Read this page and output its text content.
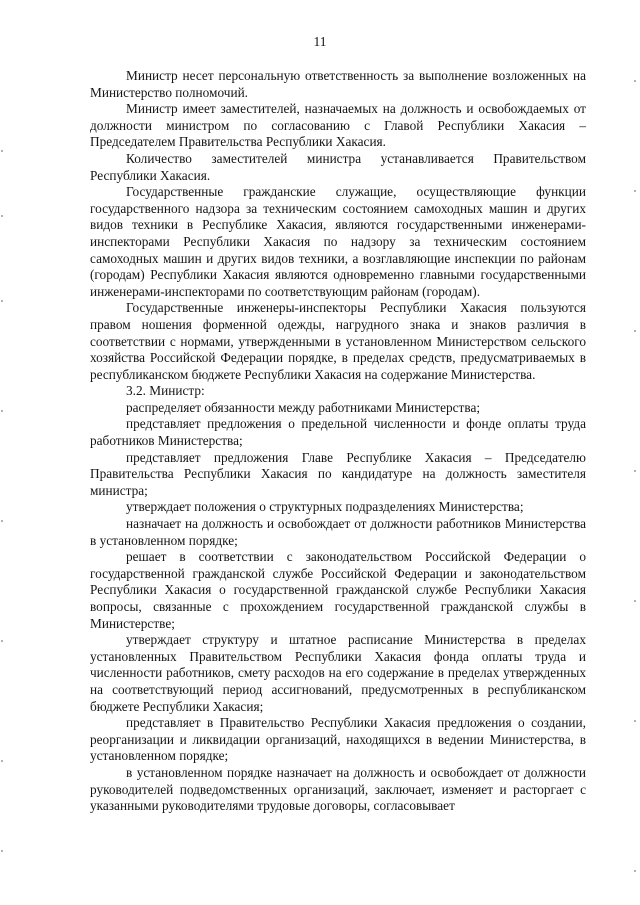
11

Министр несет персональную ответственность за выполнение возложенных на Министерство полномочий.

Министр имеет заместителей, назначаемых на должность и освобождаемых от должности министром по согласованию с Главой Республики Хакасия – Председателем Правительства Республики Хакасия.

Количество заместителей министра устанавливается Правительством Республики Хакасия.

Государственные гражданские служащие, осуществляющие функции государственного надзора за техническим состоянием самоходных машин и других видов техники в Республике Хакасия, являются государственными инженерами-инспекторами Республики Хакасия по надзору за техническим состоянием самоходных машин и других видов техники, а возглавляющие инспекции по районам (городам) Республики Хакасия являются одновременно главными государственными инженерами-инспекторами по соответствующим районам (городам).

Государственные инженеры-инспекторы Республики Хакасия пользуются правом ношения форменной одежды, нагрудного знака и знаков различия в соответствии с нормами, утвержденными в установленном Министерством сельского хозяйства Российской Федерации порядке, в пределах средств, предусматриваемых в республиканском бюджете Республики Хакасия на содержание Министерства.

3.2. Министр:

распределяет обязанности между работниками Министерства;

представляет предложения о предельной численности и фонде оплаты труда работников Министерства;

представляет предложения Главе Республике Хакасия – Председателю Правительства Республики Хакасия по кандидатуре на должность заместителя министра;

утверждает положения о структурных подразделениях Министерства;

назначает на должность и освобождает от должности работников Министерства в установленном порядке;

решает в соответствии с законодательством Российской Федерации о государственной гражданской службе Российской Федерации и законодательством Республики Хакасия о государственной гражданской службе Республики Хакасия вопросы, связанные с прохождением государственной гражданской службы в Министерстве;

утверждает структуру и штатное расписание Министерства в пределах установленных Правительством Республики Хакасия фонда оплаты труда и численности работников, смету расходов на его содержание в пределах утвержденных на соответствующий период ассигнований, предусмотренных в республиканском бюджете Республики Хакасия;

представляет в Правительство Республики Хакасия предложения о создании, реорганизации и ликвидации организаций, находящихся в ведении Министерства, в установленном порядке;

в установленном порядке назначает на должность и освобождает от должности руководителей подведомственных организаций, заключает, изменяет и расторгает с указанными руководителями трудовые договоры, согласовывает
